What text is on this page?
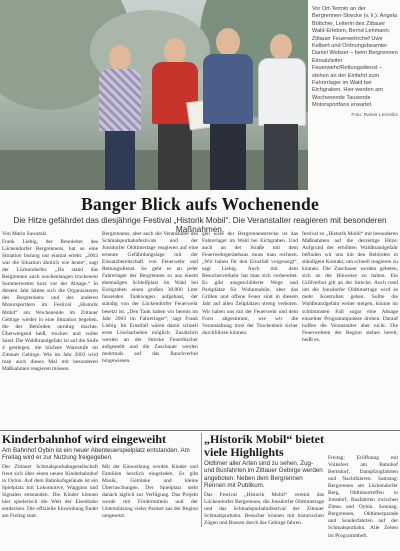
Vor Ort-Termin an der Bergrennen-Strecke (v. li.): Angela Böttcher, Leiterin des Zittauer Wald-Erleben, Bernd Lehmann, Zittauer Feuerwehrchef Uwe Kelbert und Ordnungsbeamter Daniel Webser – beim Bergrennen Einsatzleiter Feuerwehr/Rettungsdienst – stehen an der Einfahrt zum Fahrerlager im Wald bei Eichgraben. Hier werden am Wochenende Tausende Motorsportfans erwartet.
Foto: Rainer Lenzelitz
Banger Blick aufs Wochenende
Die Hitze gefährdet das diesjährige Festival „Historik Mobil“. Die Veranstalter reagieren mit besonderen Maßnahmen.
Von Mario Sawatzki
Frank Liebig, der Rennleiter des Lückendorfer Bergrennens, hat so eine Situation bislang nur einmal erlebt. „2003 war die Situation ähnlich wie heute“, sagt der Lückendorfer. „Da stand das Bergrennen auch wochenlangen trockenem Sommerwetter kurz vor der Absage.“ In diesem Jahr hätten sich die Organisatoren des Bergrennens und des anderen Motorsportlern im Festival „Historik Mobil“ am Wochenende im Zittauer Gebirge wieder in eine Situation begeben, die der Behörden unruhig machte. Überwiegend heiß, trocken und voller Sand. Die Waldbrandgefahr ist auf die Stufe 4 gestiegen, die höchste Warnstufe im Zittauer Gebirge. Wie im Jahr 2003 wird man auch dieses Mal mit besonderen Maßnahmen reagieren müssen.
Bergrennens, aber auch die Veranstalter des Schmalspurbahnfestivals und der Jonsdorfer Oldtimertage reagieren auf eine erneute Gefährdungslage mit der Einsatzbereitschaft von Feuerwehr und Rettungsdienst. So geht es an jeder Fahrerlager der Bergrennen so aus einem ehemaligen Schleifplatz im Wald bei Eichgraben einen großen 30.000 Liter fassenden Tankwagen aufgebaut, der ständig von der Lückendorfer Feuerwehr besetzt ist. „Den Tank haben wir bereits im Jahr 2003 im Fahrerlager“, sagt Frank Liebig. Im Ernstfall wären damit schnell erste Löscharbeiten möglich. Zusätzlich werden an der Strecke Feuerlöscher aufgestellt und die Zuschauer werden mehrmals auf das Rauchverbot hingewiesen.
gen wäre der Bergrennenstrecke ist das Fahrerlager im Wald bei Eichgraben. Und auch an der Straße mit dem Feuerwehrgerätehaus muss man rechnen. „Wir haben für den Ernstfall vorgesorgt“, sagt Liebig. Auch mit dem Besucherverkehr hat man sich vorbereitet. Es gibt ausgeschilderte Wege und Parkplätze für Wohnmobile, aber das Grillen und offene Feuer sind in diesem Jahr auf allen Zeltplätzen streng verboten. Wir haben uns mit der Feuerwehr und dem Forst abgestimmt, wie wir die Veranstaltung trotz der Trockenheit sicher durchführen können.
festival zu „Historik Mobil“ mit besonderen Maßnahmen auf die derzeitige Hitze. Aufgrund der erhöhten Waldbrandgefahr befinden wir uns mit den Behörden in ständigem Kontakt, um schnell reagieren zu können. Die Zuschauer werden gebeten, sich an die Hinweise zu halten. Ein Grillverbot gilt an der Strecke. Auch rund um die Jonsdorfer Oldtimertage wird es mehr Kontrollen geben. Sollte die Waldbrandgefahr weiter steigen, könnte im schlimmsten Fall sogar eine Absage einzelner Programmpunkte drohen. Darauf hoffen die Veranstalter aber nicht. Die Feuerwehren der Region stehen bereit, heißt es.
Kinderbahnhof wird eingeweiht
Am Bahnhof Oybin ist ein neuer Abenteuerspielplatz entstanden. Am Freitag wird er zur Nutzung freigegeben.
Der Zittauer Schmalspurbahngesellschaft freut sich über einen neuen Kinderbahnhof in Oybin. Auf dem Bahnhofsgelände ist ein Spielplatz mit Lokomotive, Waggons und Signalen entstanden. Die Kinder können hier spielerisch die Welt der Eisenbahn entdecken. Die offizielle Einweihung findet am Freitag statt.
Mit der Einweihung werden Kinder und Familien herzlich eingeladen. Es gibt Musik, Getränke und kleine Überraschungen. Der Spielplatz steht danach täglich zur Verfügung. Das Projekt wurde mit Fördermitteln und der Unterstützung vieler Partner aus der Region umgesetzt.
„Historik Mobil“ bietet viele Highlights
Oldtimer aller Arten sind zu sehen, Zug- und Busfahrten im Zittauer Gebirge werden angeboten: Neben dem Bergrennen Rennen mit Publikum.
Das Festival „Historik Mobil“ vereint das Lückendorfer Bergrennen, die Jonsdorfer Oldtimertage und das Schmalspurbahnfestival der Zittauer Schmalspurbahn. Besucher können mit historischen Zügen und Bussen durch das Gebirge fahren.
Freitag: Eröffnung mit Volksfest am Bahnhof Bertsdorf, Dampfzugfahrten und Nachtfahrten. Samstag: Bergrennen am Lückendorfer Berg, Oldtimertreffen in Jonsdorf, Busfahrten zwischen Zittau und Oybin. Sonntag: Bergrennen, Oldtimerparade und Sonderfahrten auf der Schmalspurbahn. Alle Zeiten im Programmheft.
